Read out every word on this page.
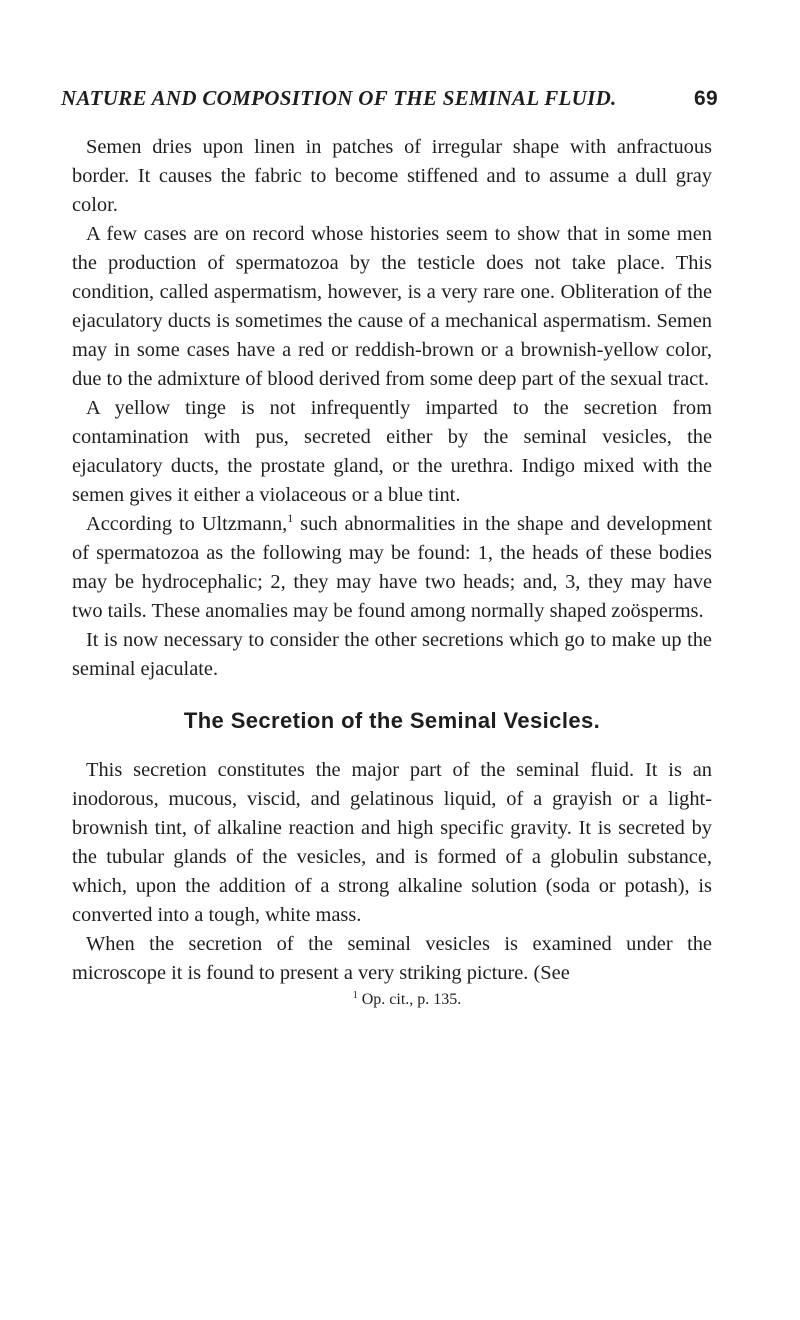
NATURE AND COMPOSITION OF THE SEMINAL FLUID.	69

Semen dries upon linen in patches of irregular shape with anfractuous border. It causes the fabric to become stiffened and to assume a dull gray color.

A few cases are on record whose histories seem to show that in some men the production of spermatozoa by the testicle does not take place. This condition, called aspermatism, however, is a very rare one. Obliteration of the ejaculatory ducts is sometimes the cause of a mechanical aspermatism. Semen may in some cases have a red or reddish-brown or a brownish-yellow color, due to the admixture of blood derived from some deep part of the sexual tract.

A yellow tinge is not infrequently imparted to the secretion from contamination with pus, secreted either by the seminal vesicles, the ejaculatory ducts, the prostate gland, or the urethra. Indigo mixed with the semen gives it either a violaceous or a blue tint.

According to Ultzmann,$^1$ such abnormalities in the shape and development of spermatozoa as the following may be found: 1, the heads of these bodies may be hydrocephalic; 2, they may have two heads; and, 3, they may have two tails. These anomalies may be found among normally shaped zoösperms.

It is now necessary to consider the other secretions which go to make up the seminal ejaculate.

The Secretion of the Seminal Vesicles.

This secretion constitutes the major part of the seminal fluid. It is an inodorous, mucous, viscid, and gelatinous liquid, of a grayish or a light-brownish tint, of alkaline reaction and high specific gravity. It is secreted by the tubular glands of the vesicles, and is formed of a globulin substance, which, upon the addition of a strong alkaline solution (soda or potash), is converted into a tough, white mass.

When the secretion of the seminal vesicles is examined under the microscope it is found to present a very striking picture. (See

$^1$ Op. cit., p. 135.
